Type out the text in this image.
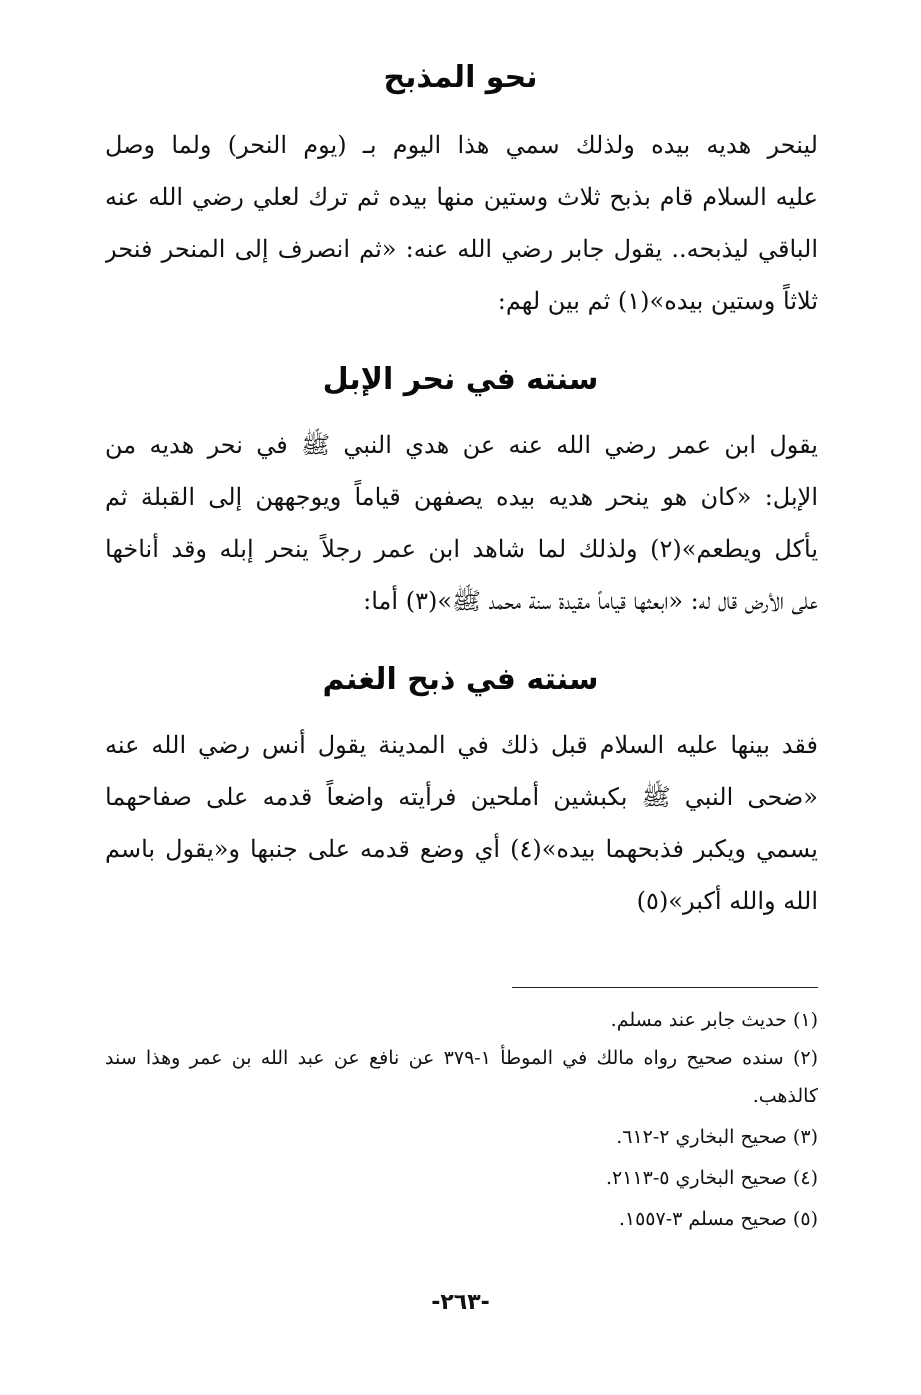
نحو المذبح
لينحر هديه بيده ولذلك سمي هذا اليوم بـ (يوم النحر) ولما وصل
عليه السلام قام بذبح ثلاث وستين منها بيده ثم ترك لعلي رضي الله عنه
الباقي ليذبحه.. يقول جابر رضي الله عنه: «ثم انصرف إلى المنحر فنحر
ثلاثاً وستين بيده»(١) ثم بين لهم:
سنته في نحر الإبل
يقول ابن عمر رضي الله عنه عن هدي النبي ﷺ في نحر هديه من
الإبل: «كان هو ينحر هديه بيده يصفهن قياماً ويوجههن إلى القبلة ثم
يأكل ويطعم»(٢) ولذلك لما شاهد ابن عمر رجلاً ينحر إبله وقد أناخها
على الأرض قال له: «ابعثها قياماً مقيدة سنة محمد ﷺ»(٣) أما:
سنته في ذبح الغنم
فقد بينها عليه السلام قبل ذلك في المدينة يقول أنس رضي الله عنه
«ضحى النبي ﷺ بكبشين أملحين فرأيته واضعاً قدمه على صفاحهما
يسمي ويكبر فذبحهما بيده»(٤) أي وضع قدمه على جنبها و«يقول باسم
الله والله أكبر»(٥)
(١) حديث جابر عند مسلم.
(٢) سنده صحيح رواه مالك في الموطأ ١-٣٧٩ عن نافع عن عبد الله بن عمر وهذا سند
كالذهب.
(٣) صحيح البخاري ٢-٦١٢.
(٤) صحيح البخاري ٥-٢١١٣.
(٥) صحيح مسلم ٣-١٥٥٧.
-٢٦٣-
